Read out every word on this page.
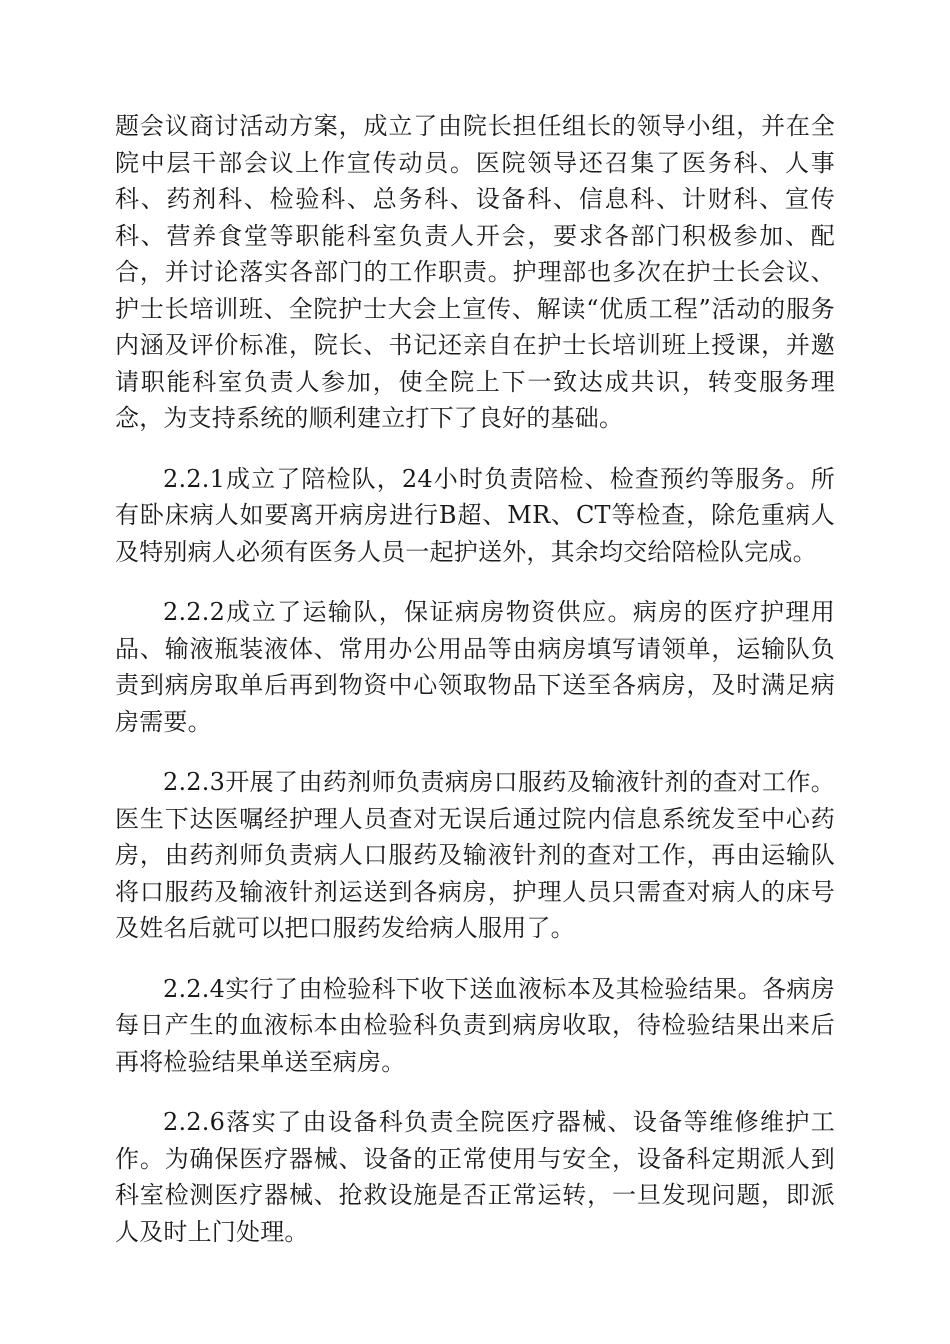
题会议商讨活动方案，成立了由院长担任组长的领导小组，并在全院中层干部会议上作宣传动员。医院领导还召集了医务科、人事科、药剂科、检验科、总务科、设备科、信息科、计财科、宣传科、营养食堂等职能科室负责人开会，要求各部门积极参加、配合，并讨论落实各部门的工作职责。护理部也多次在护士长会议、护士长培训班、全院护士大会上宣传、解读“优质工程”活动的服务内涵及评价标准，院长、书记还亲自在护士长培训班上授课，并邀请职能科室负责人参加，使全院上下一致达成共识，转变服务理念，为支持系统的顺利建立打下了良好的基础。

2.2.1成立了陪检队，24小时负责陪检、检查预约等服务。所有卧床病人如要离开病房进行B超、MR、CT等检查，除危重病人及特别病人必须有医务人员一起护送外，其余均交给陪检队完成。

2.2.2成立了运输队，保证病房物资供应。病房的医疗护理用品、输液瓶装液体、常用办公用品等由病房填写请领单，运输队负责到病房取单后再到物资中心领取物品下送至各病房，及时满足病房需要。

2.2.3开展了由药剂师负责病房口服药及输液针剂的查对工作。医生下达医嘱经护理人员查对无误后通过院内信息系统发至中心药房，由药剂师负责病人口服药及输液针剂的查对工作，再由运输队将口服药及输液针剂运送到各病房，护理人员只需查对病人的床号及姓名后就可以把口服药发给病人服用了。

2.2.4实行了由检验科下收下送血液标本及其检验结果。各病房每日产生的血液标本由检验科负责到病房收取，待检验结果出来后再将检验结果单送至病房。

2.2.6落实了由设备科负责全院医疗器械、设备等维修维护工作。为确保医疗器械、设备的正常使用与安全，设备科定期派人到科室检测医疗器械、抢救设施是否正常运转，一旦发现问题，即派人及时上门处理。
